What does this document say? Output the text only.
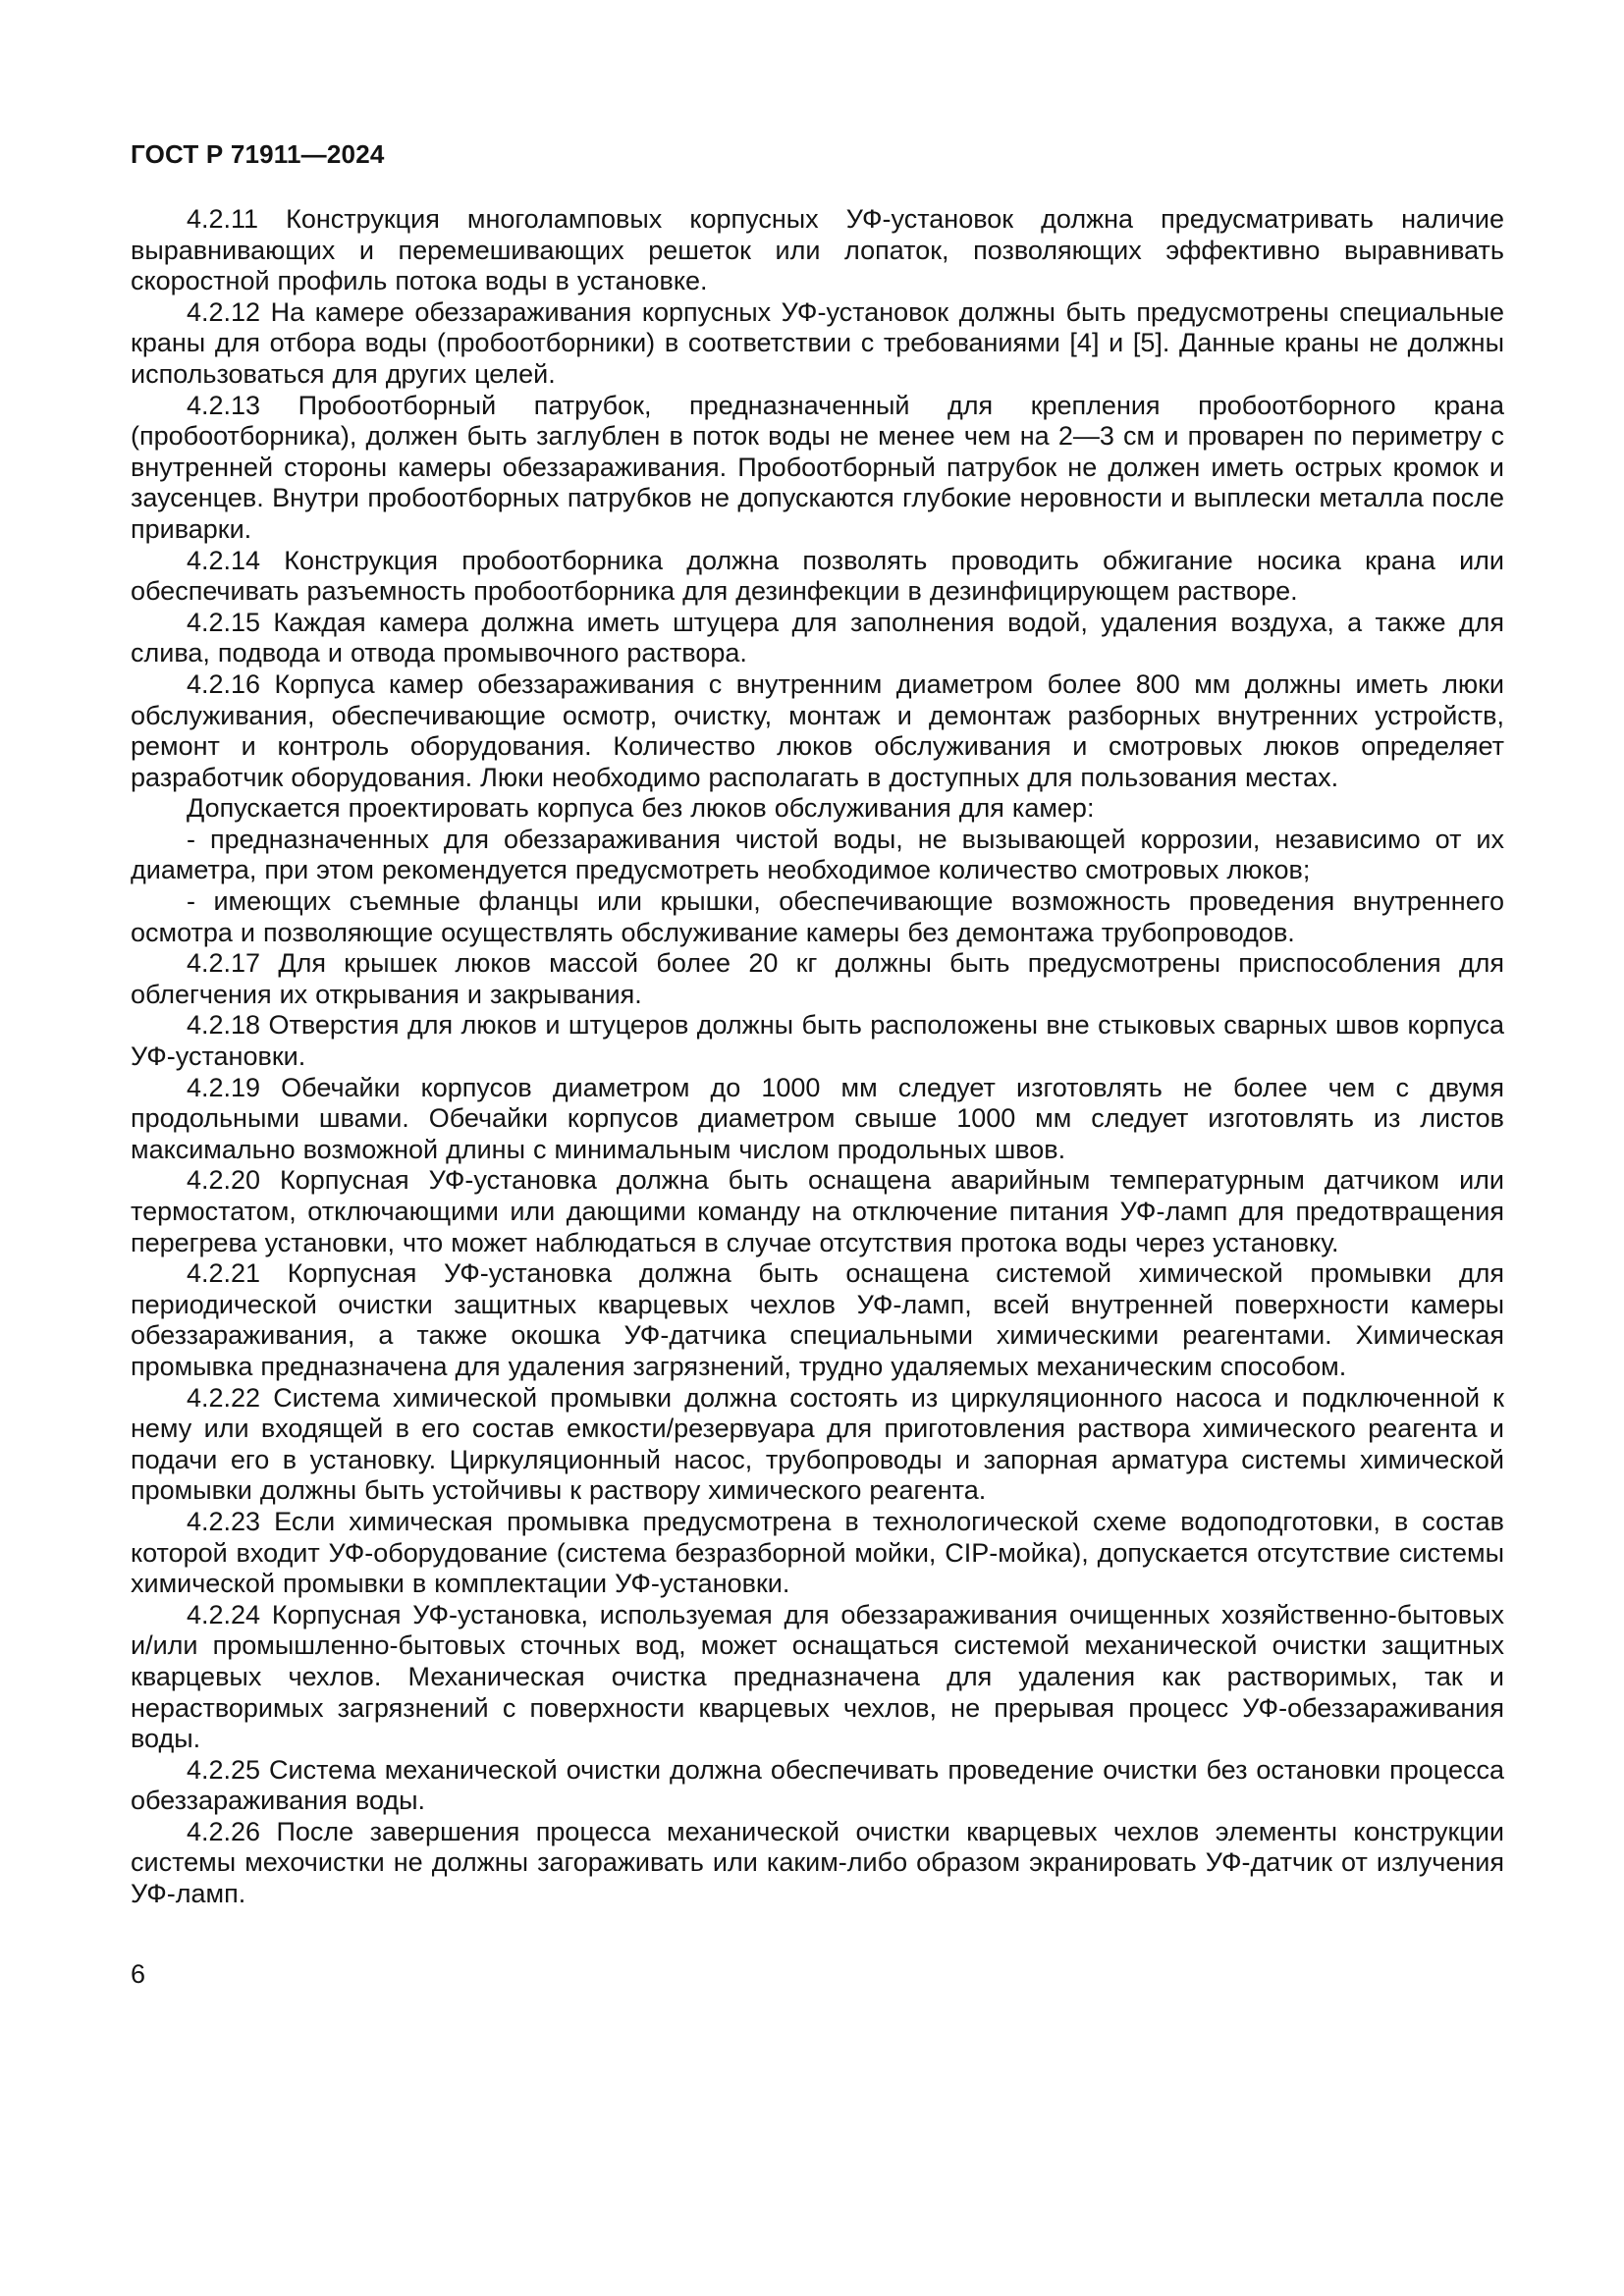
ГОСТ Р 71911—2024

4.2.11 Конструкция многоламповых корпусных УФ-установок должна предусматривать наличие выравнивающих и перемешивающих решеток или лопаток, позволяющих эффективно выравнивать скоростной профиль потока воды в установке.

4.2.12 На камере обеззараживания корпусных УФ-установок должны быть предусмотрены специальные краны для отбора воды (пробоотборники) в соответствии с требованиями [4] и [5]. Данные краны не должны использоваться для других целей.

4.2.13 Пробоотборный патрубок, предназначенный для крепления пробоотборного крана (пробоотборника), должен быть заглублен в поток воды не менее чем на 2—3 см и проварен по периметру с внутренней стороны камеры обеззараживания. Пробоотборный патрубок не должен иметь острых кромок и заусенцев. Внутри пробоотборных патрубков не допускаются глубокие неровности и выплески металла после приварки.

4.2.14 Конструкция пробоотборника должна позволять проводить обжигание носика крана или обеспечивать разъемность пробоотборника для дезинфекции в дезинфицирующем растворе.

4.2.15 Каждая камера должна иметь штуцера для заполнения водой, удаления воздуха, а также для слива, подвода и отвода промывочного раствора.

4.2.16 Корпуса камер обеззараживания с внутренним диаметром более 800 мм должны иметь люки обслуживания, обеспечивающие осмотр, очистку, монтаж и демонтаж разборных внутренних устройств, ремонт и контроль оборудования. Количество люков обслуживания и смотровых люков определяет разработчик оборудования. Люки необходимо располагать в доступных для пользования местах.

Допускается проектировать корпуса без люков обслуживания для камер:

- предназначенных для обеззараживания чистой воды, не вызывающей коррозии, независимо от их диаметра, при этом рекомендуется предусмотреть необходимое количество смотровых люков;

- имеющих съемные фланцы или крышки, обеспечивающие возможность проведения внутреннего осмотра и позволяющие осуществлять обслуживание камеры без демонтажа трубопроводов.

4.2.17 Для крышек люков массой более 20 кг должны быть предусмотрены приспособления для облегчения их открывания и закрывания.

4.2.18 Отверстия для люков и штуцеров должны быть расположены вне стыковых сварных швов корпуса УФ-установки.

4.2.19 Обечайки корпусов диаметром до 1000 мм следует изготовлять не более чем с двумя продольными швами. Обечайки корпусов диаметром свыше 1000 мм следует изготовлять из листов максимально возможной длины с минимальным числом продольных швов.

4.2.20 Корпусная УФ-установка должна быть оснащена аварийным температурным датчиком или термостатом, отключающими или дающими команду на отключение питания УФ-ламп для предотвращения перегрева установки, что может наблюдаться в случае отсутствия протока воды через установку.

4.2.21 Корпусная УФ-установка должна быть оснащена системой химической промывки для периодической очистки защитных кварцевых чехлов УФ-ламп, всей внутренней поверхности камеры обеззараживания, а также окошка УФ-датчика специальными химическими реагентами. Химическая промывка предназначена для удаления загрязнений, трудно удаляемых механическим способом.

4.2.22 Система химической промывки должна состоять из циркуляционного насоса и подключенной к нему или входящей в его состав емкости/резервуара для приготовления раствора химического реагента и подачи его в установку. Циркуляционный насос, трубопроводы и запорная арматура системы химической промывки должны быть устойчивы к раствору химического реагента.

4.2.23 Если химическая промывка предусмотрена в технологической схеме водоподготовки, в состав которой входит УФ-оборудование (система безразборной мойки, CIP-мойка), допускается отсутствие системы химической промывки в комплектации УФ-установки.

4.2.24 Корпусная УФ-установка, используемая для обеззараживания очищенных хозяйственно-бытовых и/или промышленно-бытовых сточных вод, может оснащаться системой механической очистки защитных кварцевых чехлов. Механическая очистка предназначена для удаления как растворимых, так и нерастворимых загрязнений с поверхности кварцевых чехлов, не прерывая процесс УФ-обеззараживания воды.

4.2.25 Система механической очистки должна обеспечивать проведение очистки без остановки процесса обеззараживания воды.

4.2.26 После завершения процесса механической очистки кварцевых чехлов элементы конструкции системы мехочистки не должны загораживать или каким-либо образом экранировать УФ-датчик от излучения УФ-ламп.

6
